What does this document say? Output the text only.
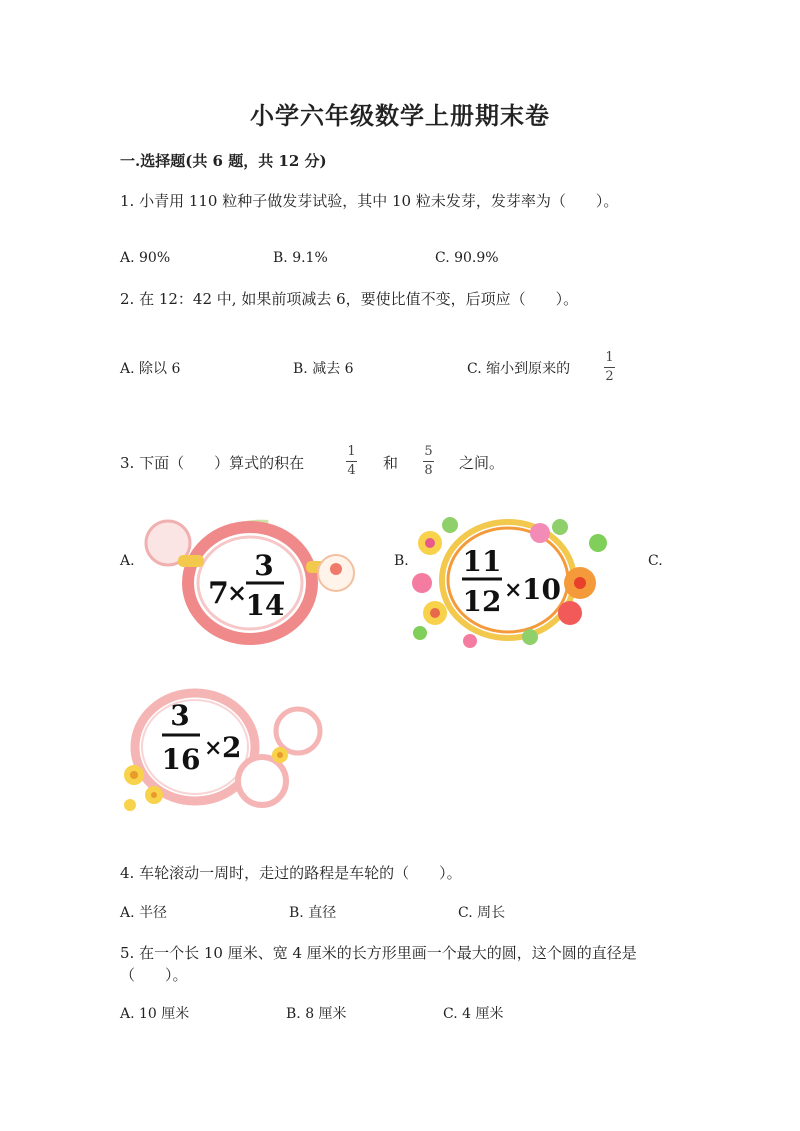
小学六年级数学上册期末卷
一.选择题(共 6 题，共 12 分)
1. 小青用 110 粒种子做发芽试验，其中 10 粒未发芽，发芽率为（　　）。
A. 90%	B. 9.1%	C. 90.9%
2. 在 12：42 中, 如果前项减去 6，要使比值不变，后项应（　　）。
A. 除以 6	B. 减去 6	C. 缩小到原来的
1
2
3. 下面（　　）算式的积在
1
4 和
5
8 之间。
A.	B.	C.
7
×
3
14
11
12 × 10
3
16 × 2
4. 车轮滚动一周时，走过的路程是车轮的（　　）。
A. 半径	B. 直径	C. 周长
5. 在一个长 10 厘米、宽 4 厘米的长方形里画一个最大的圆，这个圆的直径是
（　　）。
A. 10 厘米	B. 8 厘米	C. 4 厘米
